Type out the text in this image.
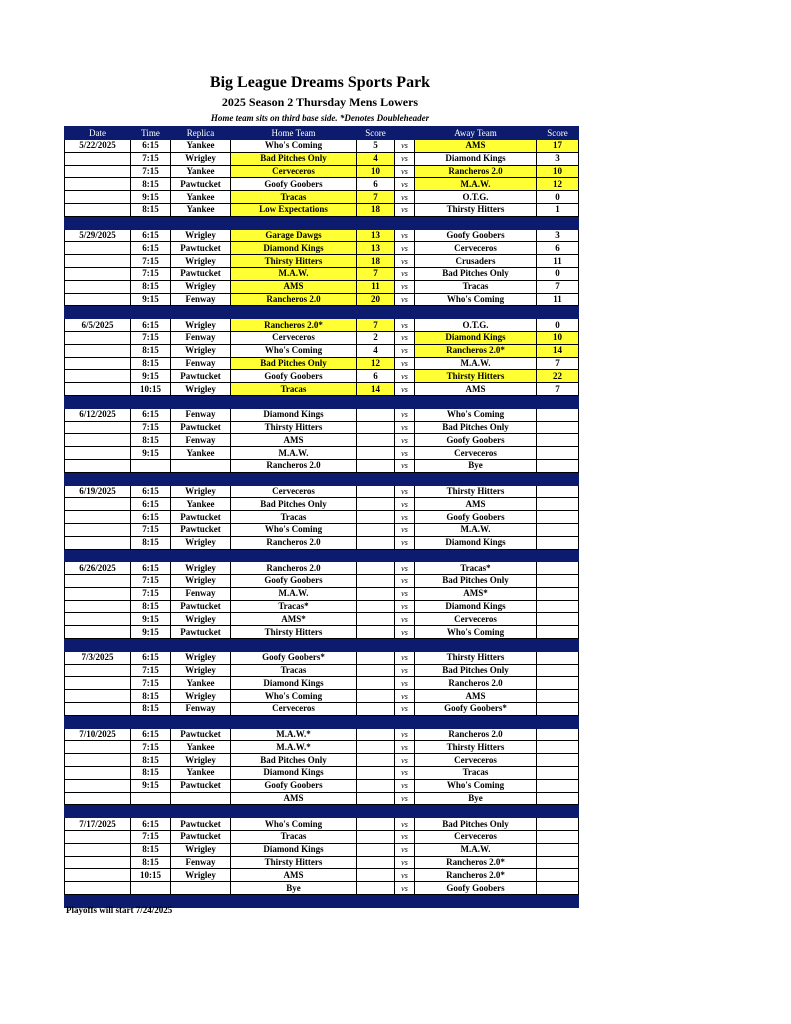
Big League Dreams Sports Park
2025 Season 2 Thursday Mens Lowers
Home team sits on third base side. *Denotes Doubleheader
Date	Time	Replica	Home Team	Score		Away Team	Score
5/22/2025	6:15	Yankee	Who's Coming	5	vs	AMS	17
	7:15	Wrigley	Bad Pitches Only	4	vs	Diamond Kings	3
	7:15	Yankee	Cerveceros	10	vs	Rancheros 2.0	10
	8:15	Pawtucket	Goofy Goobers	6	vs	M.A.W.	12
	9:15	Yankee	Tracas	7	vs	O.T.G.	0
	8:15	Yankee	Low Expectations	18	vs	Thirsty Hitters	1

5/29/2025	6:15	Wrigley	Garage Dawgs	13	vs	Goofy Goobers	3
	6:15	Pawtucket	Diamond Kings	13	vs	Cerveceros	6
	7:15	Wrigley	Thirsty Hitters	18	vs	Crusaders	11
	7:15	Pawtucket	M.A.W.	7	vs	Bad Pitches Only	0
	8:15	Wrigley	AMS	11	vs	Tracas	7
	9:15	Fenway	Rancheros 2.0	20	vs	Who's Coming	11

6/5/2025	6:15	Wrigley	Rancheros 2.0*	7	vs	O.T.G.	0
	7:15	Fenway	Cerveceros	2	vs	Diamond Kings	10
	8:15	Wrigley	Who's Coming	4	vs	Rancheros 2.0*	14
	8:15	Fenway	Bad Pitches Only	12	vs	M.A.W.	7
	9:15	Pawtucket	Goofy Goobers	6	vs	Thirsty Hitters	22
	10:15	Wrigley	Tracas	14	vs	AMS	7

6/12/2025	6:15	Fenway	Diamond Kings		vs	Who's Coming	
	7:15	Pawtucket	Thirsty Hitters		vs	Bad Pitches Only	
	8:15	Fenway	AMS		vs	Goofy Goobers	
	9:15	Yankee	M.A.W.		vs	Cerveceros	
			Rancheros 2.0		vs	Bye	

6/19/2025	6:15	Wrigley	Cerveceros		vs	Thirsty Hitters	
	6:15	Yankee	Bad Pitches Only		vs	AMS	
	6:15	Pawtucket	Tracas		vs	Goofy Goobers	
	7:15	Pawtucket	Who's Coming		vs	M.A.W.	
	8:15	Wrigley	Rancheros 2.0		vs	Diamond Kings	

6/26/2025	6:15	Wrigley	Rancheros 2.0		vs	Tracas*	
	7:15	Wrigley	Goofy Goobers		vs	Bad Pitches Only	
	7:15	Fenway	M.A.W.		vs	AMS*	
	8:15	Pawtucket	Tracas*		vs	Diamond Kings	
	9:15	Wrigley	AMS*		vs	Cerveceros	
	9:15	Pawtucket	Thirsty Hitters		vs	Who's Coming	

7/3/2025	6:15	Wrigley	Goofy Goobers*		vs	Thirsty Hitters	
	7:15	Wrigley	Tracas		vs	Bad Pitches Only	
	7:15	Yankee	Diamond Kings		vs	Rancheros 2.0	
	8:15	Wrigley	Who's Coming		vs	AMS	
	8:15	Fenway	Cerveceros		vs	Goofy Goobers*	

7/10/2025	6:15	Pawtucket	M.A.W.*		vs	Rancheros 2.0	
	7:15	Yankee	M.A.W.*		vs	Thirsty Hitters	
	8:15	Wrigley	Bad Pitches Only		vs	Cerveceros	
	8:15	Yankee	Diamond Kings		vs	Tracas	
	9:15	Pawtucket	Goofy Goobers		vs	Who's Coming	
			AMS		vs	Bye	

7/17/2025	6:15	Pawtucket	Who's Coming		vs	Bad Pitches Only	
	7:15	Pawtucket	Tracas		vs	Cerveceros	
	8:15	Wrigley	Diamond Kings		vs	M.A.W.	
	8:15	Fenway	Thirsty Hitters		vs	Rancheros 2.0*	
	10:15	Wrigley	AMS		vs	Rancheros 2.0*	
			Bye		vs	Goofy Goobers	

Playoffs will start 7/24/2025
